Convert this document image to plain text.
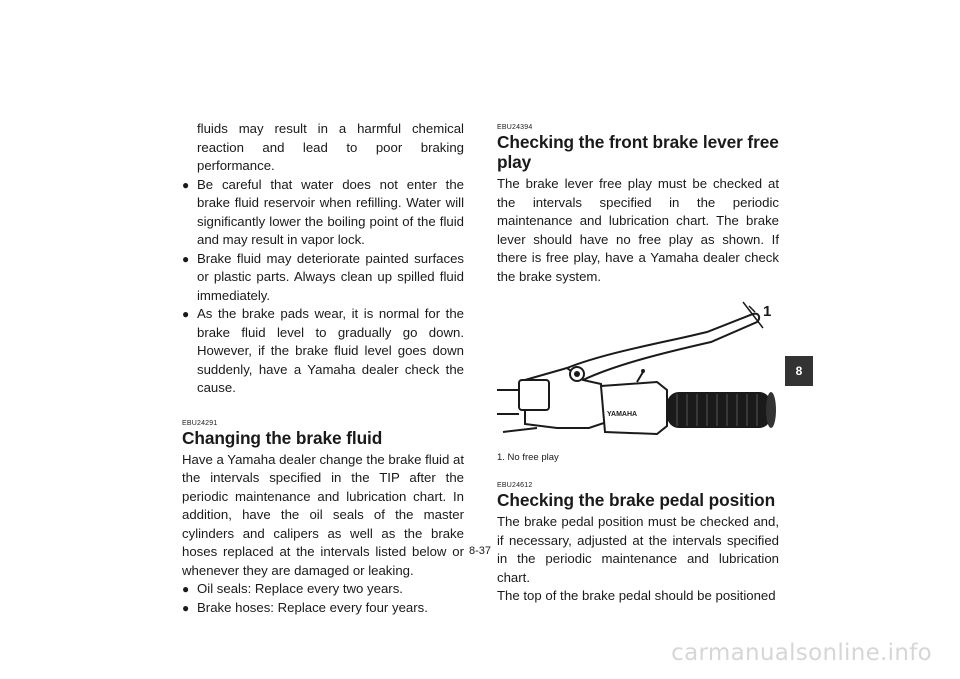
fluids may result in a harmful chemical reaction and lead to poor braking performance.

● Be careful that water does not enter the brake fluid reservoir when refilling. Water will significantly lower the boiling point of the fluid and may result in vapor lock.
● Brake fluid may deteriorate painted surfaces or plastic parts. Always clean up spilled fluid immediately.
● As the brake pads wear, it is normal for the brake fluid level to gradually go down. However, if the brake fluid level goes down suddenly, have a Yamaha dealer check the cause.
EBU24291
Changing the brake fluid

Have a Yamaha dealer change the brake fluid at the intervals specified in the TIP after the periodic maintenance and lubrication chart. In addition, have the oil seals of the master cylinders and calipers as well as the brake hoses replaced at the intervals listed below or whenever they are damaged or leaking.

● Oil seals: Replace every two years.
● Brake hoses: Replace every four years.
EBU24394
Checking the front brake lever free play

The brake lever free play must be checked at the intervals specified in the periodic maintenance and lubrication chart. The brake lever should have no free play as shown. If there is free play, have a Yamaha dealer check the brake system.

YAMAHA
1
1. No free play
EBU24612
Checking the brake pedal position

The brake pedal position must be checked and, if necessary, adjusted at the intervals specified in the periodic maintenance and lubrication chart.

The top of the brake pedal should be positioned

8
8-37
carmanualsonline.info
